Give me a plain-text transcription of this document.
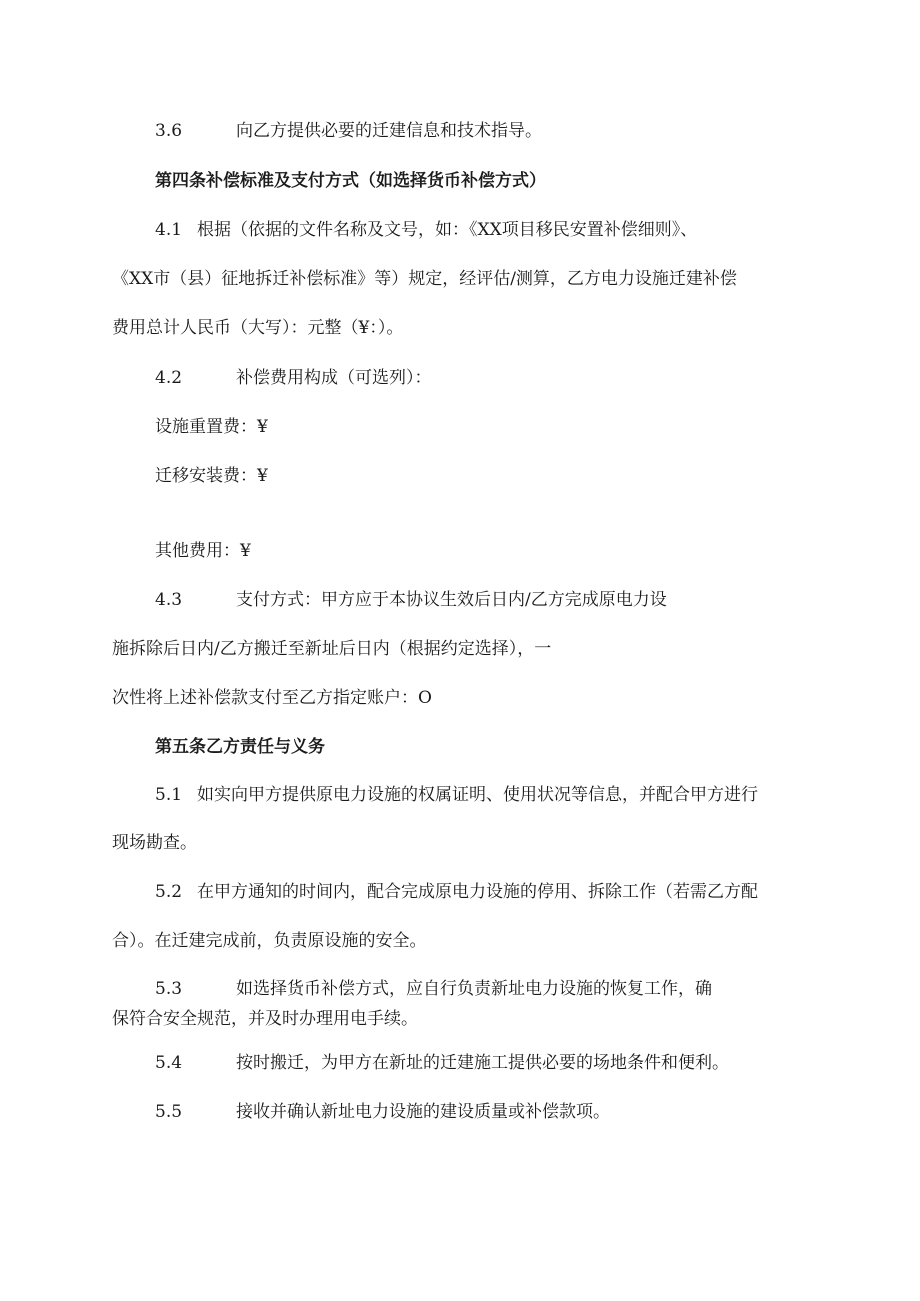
3.6	向乙方提供必要的迁建信息和技术指导。
第四条补偿标准及支付方式（如选择货币补偿方式）
4.1 根据（依据的文件名称及文号，如：《XX项目移民安置补偿细则》、
《XX市（县）征地拆迁补偿标准》等）规定，经评估/测算，乙方电力设施迁建补偿
费用总计人民币（大写）：元整（¥：）。
4.2	补偿费用构成（可选列）：
设施重置费：¥
迁移安装费：¥
其他费用：¥
4.3	支付方式：甲方应于本协议生效后日内/乙方完成原电力设
施拆除后日内/乙方搬迁至新址后日内（根据约定选择），一
次性将上述补偿款支付至乙方指定账户：O
第五条乙方责任与义务
5.1 如实向甲方提供原电力设施的权属证明、使用状况等信息，并配合甲方进行
现场勘查。
5.2 在甲方通知的时间内，配合完成原电力设施的停用、拆除工作（若需乙方配
合）。在迁建完成前，负责原设施的安全。
5.3	如选择货币补偿方式，应自行负责新址电力设施的恢复工作，确
保符合安全规范，并及时办理用电手续。
5.4	按时搬迁，为甲方在新址的迁建施工提供必要的场地条件和便利。
5.5	接收并确认新址电力设施的建设质量或补偿款项。
